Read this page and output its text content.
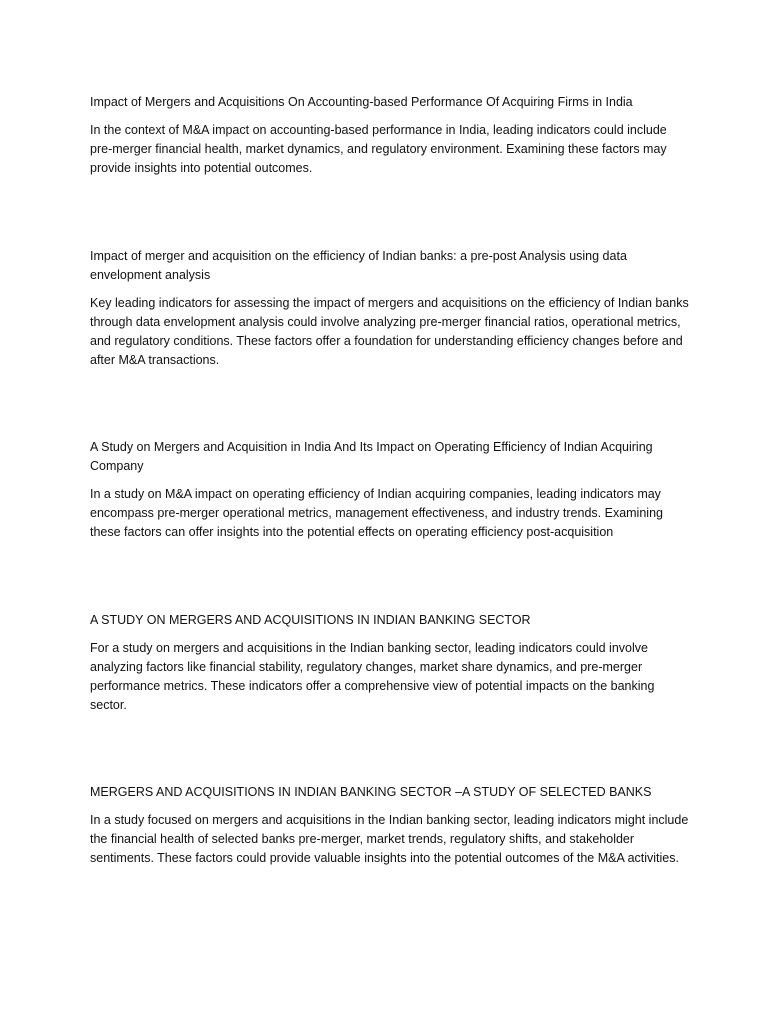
Impact of Mergers and Acquisitions On Accounting-based Performance Of Acquiring Firms in India

In the context of M&A impact on accounting-based performance in India, leading indicators could include pre-merger financial health, market dynamics, and regulatory environment. Examining these factors may provide insights into potential outcomes.

Impact of merger and acquisition on the efficiency of Indian banks: a pre-post Analysis using data envelopment analysis

Key leading indicators for assessing the impact of mergers and acquisitions on the efficiency of Indian banks through data envelopment analysis could involve analyzing pre-merger financial ratios, operational metrics, and regulatory conditions. These factors offer a foundation for understanding efficiency changes before and after M&A transactions.

A Study on Mergers and Acquisition in India And Its Impact on Operating Efficiency of Indian Acquiring Company

In a study on M&A impact on operating efficiency of Indian acquiring companies, leading indicators may encompass pre-merger operational metrics, management effectiveness, and industry trends. Examining these factors can offer insights into the potential effects on operating efficiency post-acquisition

A STUDY ON MERGERS AND ACQUISITIONS IN INDIAN BANKING SECTOR

For a study on mergers and acquisitions in the Indian banking sector, leading indicators could involve analyzing factors like financial stability, regulatory changes, market share dynamics, and pre-merger performance metrics. These indicators offer a comprehensive view of potential impacts on the banking sector.

MERGERS AND ACQUISITIONS IN INDIAN BANKING SECTOR –A STUDY OF SELECTED BANKS

In a study focused on mergers and acquisitions in the Indian banking sector, leading indicators might include the financial health of selected banks pre-merger, market trends, regulatory shifts, and stakeholder sentiments. These factors could provide valuable insights into the potential outcomes of the M&A activities.
